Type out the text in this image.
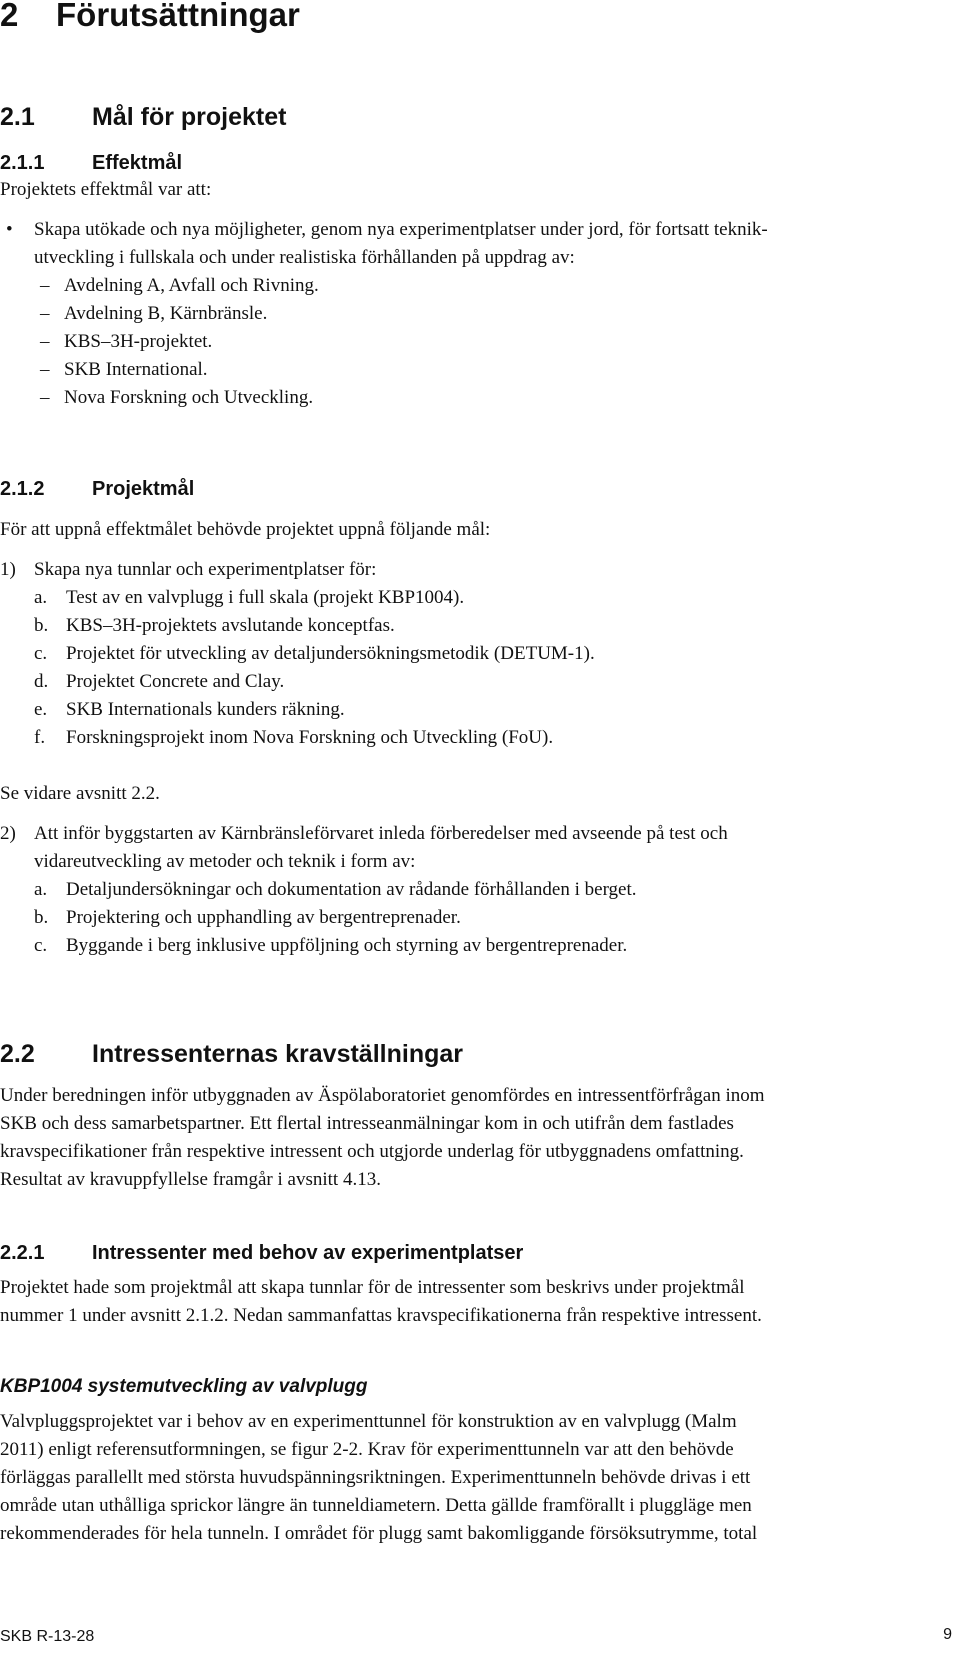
2 Förutsättningar
2.1 Mål för projektet
2.1.1 Effektmål
Projektets effektmål var att:
• Skapa utökade och nya möjligheter, genom nya experimentplatser under jord, för fortsatt teknik-
utveckling i fullskala och under realistiska förhållanden på uppdrag av:
– Avdelning A, Avfall och Rivning.
– Avdelning B, Kärnbränsle.
– KBS–3H-projektet.
– SKB International.
– Nova Forskning och Utveckling.
2.1.2 Projektmål
För att uppnå effektmålet behövde projektet uppnå följande mål:
1) Skapa nya tunnlar och experimentplatser för:
a. Test av en valvplugg i full skala (projekt KBP1004).
b. KBS–3H-projektets avslutande konceptfas.
c. Projektet för utveckling av detaljundersökningsmetodik (DETUM-1).
d. Projektet Concrete and Clay.
e. SKB Internationals kunders räkning.
f. Forskningsprojekt inom Nova Forskning och Utveckling (FoU).
Se vidare avsnitt 2.2.
2) Att inför byggstarten av Kärnbränsleförvaret inleda förberedelser med avseende på test och
vidareutveckling av metoder och teknik i form av:
a. Detaljundersökningar och dokumentation av rådande förhållanden i berget.
b. Projektering och upphandling av bergentreprenader.
c. Byggande i berg inklusive uppföljning och styrning av bergentreprenader.
2.2 Intressenternas kravställningar
Under beredningen inför utbyggnaden av Äspölaboratoriet genomfördes en intressentförfrågan inom
SKB och dess samarbetspartner. Ett flertal intresseanmälningar kom in och utifrån dem fastlades
kravspecifikationer från respektive intressent och utgjorde underlag för utbyggnadens omfattning.
Resultat av kravuppfyllelse framgår i avsnitt 4.13.
2.2.1 Intressenter med behov av experimentplatser
Projektet hade som projektmål att skapa tunnlar för de intressenter som beskrivs under projektmål
nummer 1 under avsnitt 2.1.2. Nedan sammanfattas kravspecifikationerna från respektive intressent.
KBP1004 systemutveckling av valvplugg
Valvpluggsprojektet var i behov av en experimenttunnel för konstruktion av en valvplugg (Malm
2011) enligt referensutformningen, se figur 2-2. Krav för experimenttunneln var att den behövde
förläggas parallellt med största huvudspänningsriktningen. Experimenttunneln behövde drivas i ett
område utan uthålliga sprickor längre än tunneldiametern. Detta gällde framförallt i pluggläge men
rekommenderades för hela tunneln. I området för plugg samt bakomliggande försöksutrymme, total
SKB R-13-28	9
